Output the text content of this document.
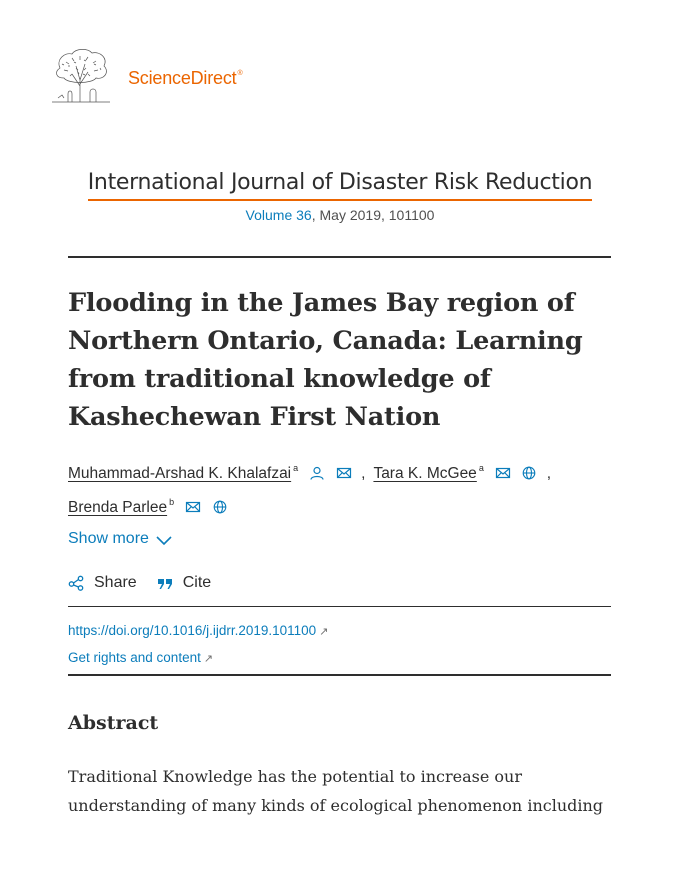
ScienceDirect®
International Journal of Disaster Risk Reduction
Volume 36, May 2019, 101100
Flooding in the James Bay region of Northern Ontario, Canada: Learning from traditional knowledge of Kashechewan First Nation
Muhammad-Arshad K. Khalafzai $^a$
	, Tara K. McGee $^a$
	,
Brenda Parlee $^b$

Show more
Share	Cite
https://doi.org/10.1016/j.ijdrr.2019.101100 ↗
Get rights and content ↗
Abstract

Traditional Knowledge has the potential to increase our understanding of many kinds of ecological phenomenon including
